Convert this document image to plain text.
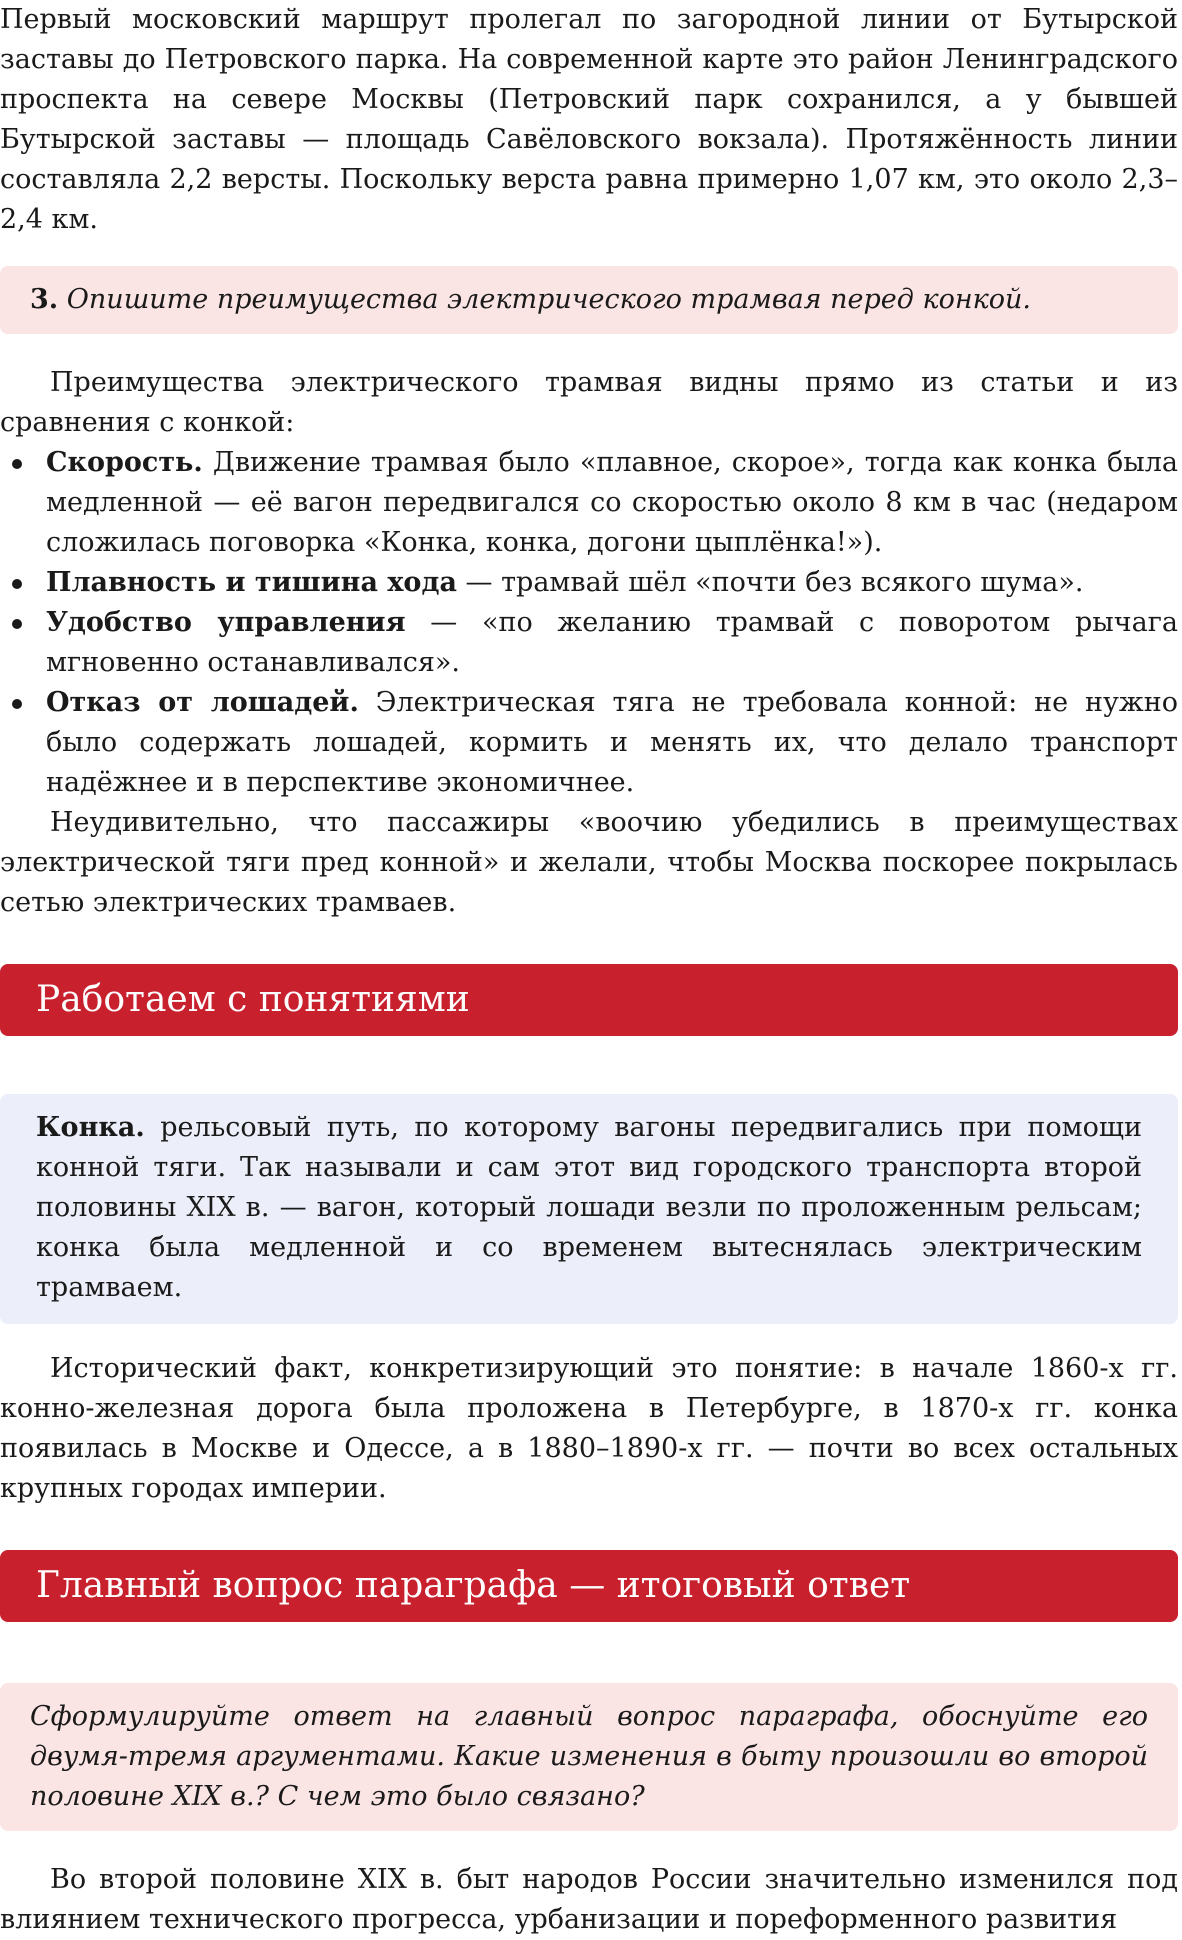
Первый московский маршрут пролегал по загородной линии от Бутырской заставы до Петровского парка. На современной карте это район Ленинградского проспекта на севере Москвы (Петровский парк сохранился, а у бывшей Бутырской заставы — площадь Савёловского вокзала). Протяжённость линии составляла 2,2 версты. Поскольку верста равна примерно 1,07 км, это около 2,3–2,4 км.

3. Опишите преимущества электрического трамвая перед конкой.

Преимущества электрического трамвая видны прямо из статьи и из сравнения с конкой:

Скорость. Движение трамвая было «плавное, скорое», тогда как конка была медленной — её вагон передвигался со скоростью около 8 км в час (недаром сложилась поговорка «Конка, конка, догони цыплёнка!»).
Плавность и тишина хода — трамвай шёл «почти без всякого шума».
Удобство управления — «по желанию трамвай с поворотом рычага мгновенно останавливался».
Отказ от лошадей. Электрическая тяга не требовала конной: не нужно было содержать лошадей, кормить и менять их, что делало транспорт надёжнее и в перспективе экономичнее.

Неудивительно, что пассажиры «воочию убедились в преимуществах электрической тяги пред конной» и желали, чтобы Москва поскорее покрылась сетью электрических трамваев.

Работаем с понятиями

Конка. рельсовый путь, по которому вагоны передвигались при помощи конной тяги. Так называли и сам этот вид городского транспорта второй половины XIX в. — вагон, который лошади везли по проложенным рельсам; конка была медленной и со временем вытеснялась электрическим трамваем.

Исторический факт, конкретизирующий это понятие: в начале 1860-х гг. конно-железная дорога была проложена в Петербурге, в 1870-х гг. конка появилась в Москве и Одессе, а в 1880–1890-х гг. — почти во всех остальных крупных городах империи.

Главный вопрос параграфа — итоговый ответ
Сформулируйте ответ на главный вопрос параграфа, обоснуйте его двумя-тремя аргументами. Какие изменения в быту произошли во второй половине XIX в.? С чем это было связано?

Во второй половине XIX в. быт народов России значительно изменился под влиянием технического прогресса, урбанизации и пореформенного развития
